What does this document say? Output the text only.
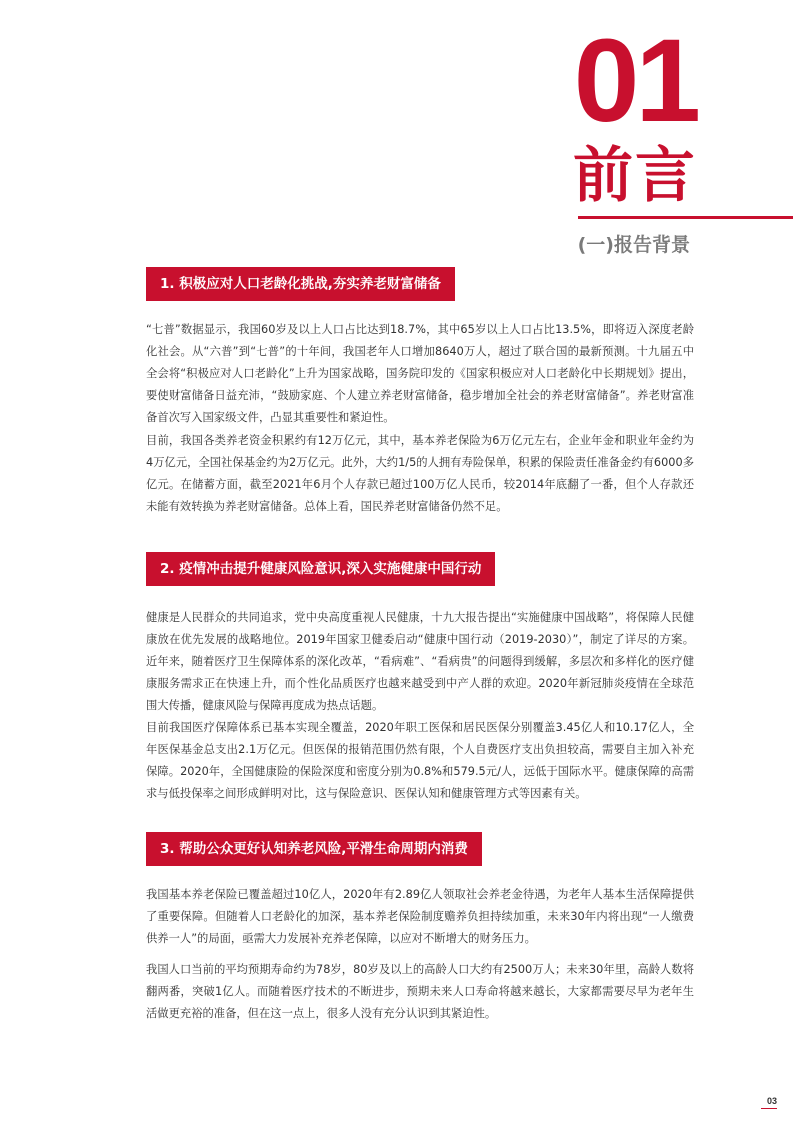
01
前言
(一)报告背景
1. 积极应对人口老龄化挑战,夯实养老财富储备

“七普”数据显示，我国60岁及以上人口占比达到18.7%，其中65岁以上人口占比13.5%，即将迈入深度老龄化社会。从“六普”到“七普”的十年间，我国老年人口增加8640万人，超过了联合国的最新预测。十九届五中全会将“积极应对人口老龄化”上升为国家战略，国务院印发的《国家积极应对人口老龄化中长期规划》提出，要使财富储备日益充沛，“鼓励家庭、个人建立养老财富储备，稳步增加全社会的养老财富储备”。养老财富准备首次写入国家级文件，凸显其重要性和紧迫性。

目前，我国各类养老资金积累约有12万亿元，其中，基本养老保险为6万亿元左右，企业年金和职业年金约为4万亿元，全国社保基金约为2万亿元。此外，大约1/5的人拥有寿险保单，积累的保险责任准备金约有6000多亿元。在储蓄方面，截至2021年6月个人存款已超过100万亿人民币，较2014年底翻了一番，但个人存款还未能有效转换为养老财富储备。总体上看，国民养老财富储备仍然不足。

2. 疫情冲击提升健康风险意识,深入实施健康中国行动

健康是人民群众的共同追求，党中央高度重视人民健康，十九大报告提出“实施健康中国战略”，将保障人民健康放在优先发展的战略地位。2019年国家卫健委启动“健康中国行动（2019-2030）”，制定了详尽的方案。近年来，随着医疗卫生保障体系的深化改革，“看病难”、“看病贵”的问题得到缓解，多层次和多样化的医疗健康服务需求正在快速上升，而个性化品质医疗也越来越受到中产人群的欢迎。2020年新冠肺炎疫情在全球范围大传播，健康风险与保障再度成为热点话题。

目前我国医疗保障体系已基本实现全覆盖，2020年职工医保和居民医保分别覆盖3.45亿人和10.17亿人，全年医保基金总支出2.1万亿元。但医保的报销范围仍然有限，个人自费医疗支出负担较高，需要自主加入补充保障。2020年，全国健康险的保险深度和密度分别为0.8%和579.5元/人，远低于国际水平。健康保障的高需求与低投保率之间形成鲜明对比，这与保险意识、医保认知和健康管理方式等因素有关。

3. 帮助公众更好认知养老风险,平滑生命周期内消费

我国基本养老保险已覆盖超过10亿人，2020年有2.89亿人领取社会养老金待遇，为老年人基本生活保障提供了重要保障。但随着人口老龄化的加深，基本养老保险制度赡养负担持续加重，未来30年内将出现“一人缴费供养一人”的局面，亟需大力发展补充养老保障，以应对不断增大的财务压力。

我国人口当前的平均预期寿命约为78岁，80岁及以上的高龄人口大约有2500万人；未来30年里，高龄人数将翻两番，突破1亿人。而随着医疗技术的不断进步，预期未来人口寿命将越来越长，大家都需要尽早为老年生活做更充裕的准备，但在这一点上，很多人没有充分认识到其紧迫性。

03
